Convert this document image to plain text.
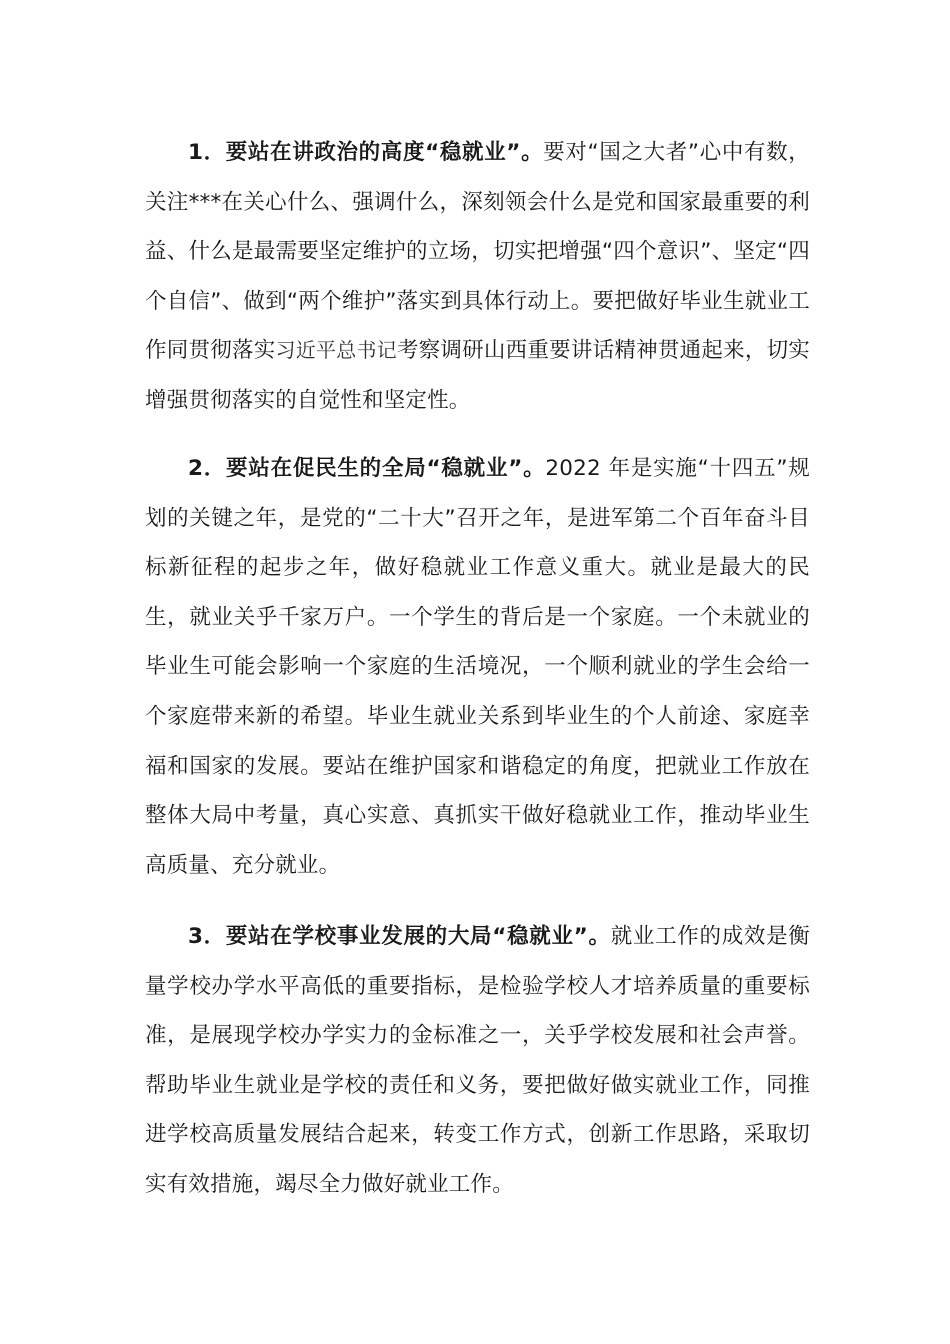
1．要站在讲政治的高度“稳就业”。要对“国之大者”心中有数，关注***在关心什么、强调什么，深刻领会什么是党和国家最重要的利益、什么是最需要坚定维护的立场，切实把增强“四个意识”、坚定“四个自信”、做到“两个维护”落实到具体行动上。要把做好毕业生就业工作同贯彻落实习近平总书记考察调研山西重要讲话精神贯通起来，切实增强贯彻落实的自觉性和坚定性。

2．要站在促民生的全局“稳就业”。2022 年是实施“十四五”规划的关键之年，是党的“二十大”召开之年，是进军第二个百年奋斗目标新征程的起步之年，做好稳就业工作意义重大。就业是最大的民生，就业关乎千家万户。一个学生的背后是一个家庭。一个未就业的毕业生可能会影响一个家庭的生活境况，一个顺利就业的学生会给一个家庭带来新的希望。毕业生就业关系到毕业生的个人前途、家庭幸福和国家的发展。要站在维护国家和谐稳定的角度，把就业工作放在整体大局中考量，真心实意、真抓实干做好稳就业工作，推动毕业生高质量、充分就业。

3．要站在学校事业发展的大局“稳就业”。就业工作的成效是衡量学校办学水平高低的重要指标，是检验学校人才培养质量的重要标准，是展现学校办学实力的金标准之一，关乎学校发展和社会声誉。帮助毕业生就业是学校的责任和义务，要把做好做实就业工作，同推进学校高质量发展结合起来，转变工作方式，创新工作思路，采取切实有效措施，竭尽全力做好就业工作。
